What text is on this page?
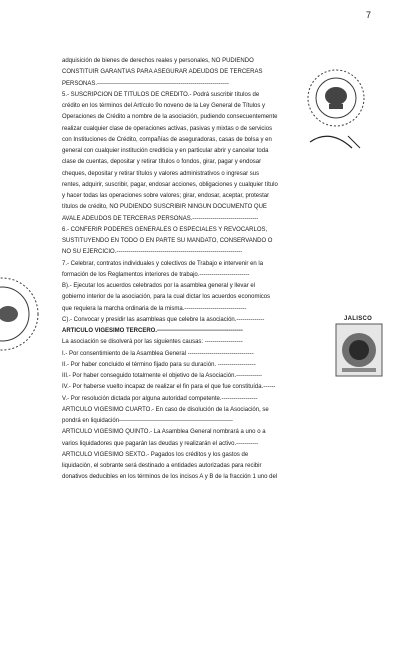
7
adquisición de bienes de derechos reales y personales, NO PUDIENDO
CONSTITUIR GARANTIAS PARA ASEGURAR ADEUDOS DE TERCERAS
PERSONAS.------------------------------------------------------------------
5.- SUSCRIPCION DE TITULOS DE CREDITO.- Podrá suscribir títulos de
crédito en los términos del Artículo 9o noveno de la Ley General de Títulos y
Operaciones de Crédito a nombre de la asociación, pudiendo consecuentemente
realizar cualquier clase de operaciones activas, pasivas y mixtas o de servicios
con Instituciones de Crédito, compañías de aseguradoras, casas de bolsa y en
general con cualquier institución crediticia y en particular abrir y cancelar toda
clase de cuentas, depositar y retirar títulos o fondos, girar, pagar y endosar
cheques, depositar y retirar títulos y valores administrativos o ingresar sus
rentes, adquirir, suscribir, pagar, endosar acciones, obligaciones y cualquier título
y hacer todas las operaciones sobre valores; girar, endosar, aceptar, protestar
títulos de crédito, NO PUDIENDO SUSCRIBIR NINGUN DOCUMENTO QUE
AVALE ADEUDOS DE TERCERAS PERSONAS.---------------------------------
6.- CONFERIR PODERES GENERALES O ESPECIALES Y REVOCARLOS,
SUSTITUYENDO EN TODO O EN PARTE SU MANDATO, CONSERVANDO O
NO SU EJERCICIO.---------------------------------------------------------------
7.- Celebrar, contratos individuales y colectivos de Trabajo e intervenir en la
formación de los Reglamentos interiores de trabajo.-------------------------
B).- Ejecutar los acuerdos celebrados por la asamblea general y llevar el
gobierno interior de la asociación, para la cual dictar los acuerdos economicos
que requiera la marcha ordinaria de la misma.-------------------------------
C).- Convocar y presidir las asambleas que celebre la asociación.--------------
ARTICULO VIGESIMO TERCERO.-------------------------------------------
La asociación se disolverá por las siguientes causas: -------------------
I.- Por consentimiento de la Asamblea General ---------------------------------
II.- Por haber concluido el término fijado para su duración. -------------------
III.- Por haber conseguido totalmente el objetivo de la Asociación.-------------
IV.- Por haberse vuelto incapaz de realizar el fin para el que fue constituída.------
V.- Por resolución dictada por alguna autoridad competente.------------------
ARTICULO VIGESIMO CUARTO.- En caso de disolución de la Asociación, se
pondrá en liquidación---------------------------------------------------------
ARTICULO VIGESIMO QUINTO.- La Asamblea General nombrará a uno o a
varios liquidadores que pagarán las deudas y realizarán el activo.-----------
ARTICULO VIGESIMO SEXTO.- Pagados los créditos y los gastos de
liquidación, el sobrante será destinado a entidades autorizadas para recibir
donativos deducibles en los términos de los incisos A y B de la fracción 1 uno del
JALISCO
